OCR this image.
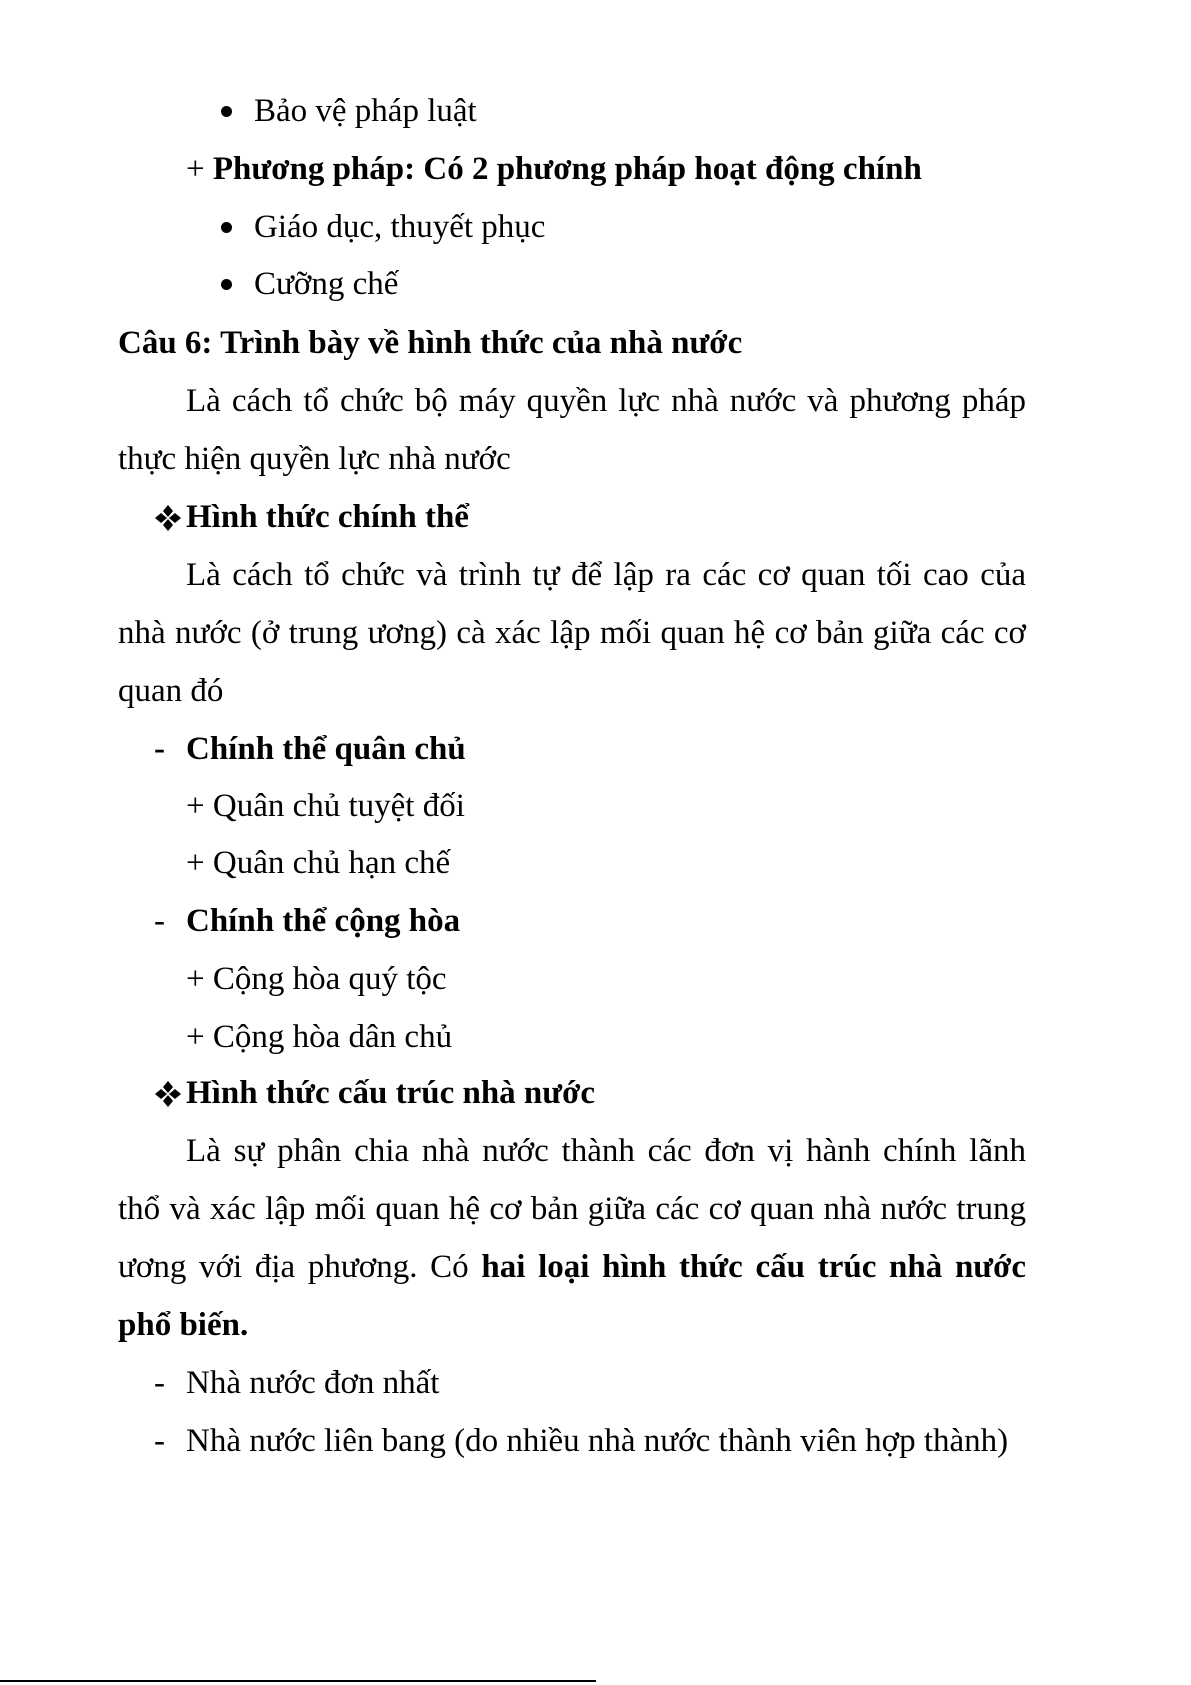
Bảo vệ pháp luật
+ Phương pháp: Có 2 phương pháp hoạt động chính
Giáo dục, thuyết phục
Cưỡng chế
Câu 6: Trình bày về hình thức của nhà nước
Là cách tổ chức bộ máy quyền lực nhà nước và phương pháp
thực hiện quyền lực nhà nước
Hình thức chính thể
Là cách tổ chức và trình tự để lập ra các cơ quan tối cao của
nhà nước (ở trung ương) cà xác lập mối quan hệ cơ bản giữa các cơ
quan đó
- Chính thể quân chủ
+ Quân chủ tuyệt đối
+ Quân chủ hạn chế
- Chính thể cộng hòa
+ Cộng hòa quý tộc
+ Cộng hòa dân chủ
Hình thức cấu trúc nhà nước
Là sự phân chia nhà nước thành các đơn vị hành chính lãnh
thổ và xác lập mối quan hệ cơ bản giữa các cơ quan nhà nước trung
ương với địa phương. Có hai loại hình thức cấu trúc nhà nước
phổ biến.
- Nhà nước đơn nhất
- Nhà nước liên bang (do nhiều nhà nước thành viên hợp thành)
